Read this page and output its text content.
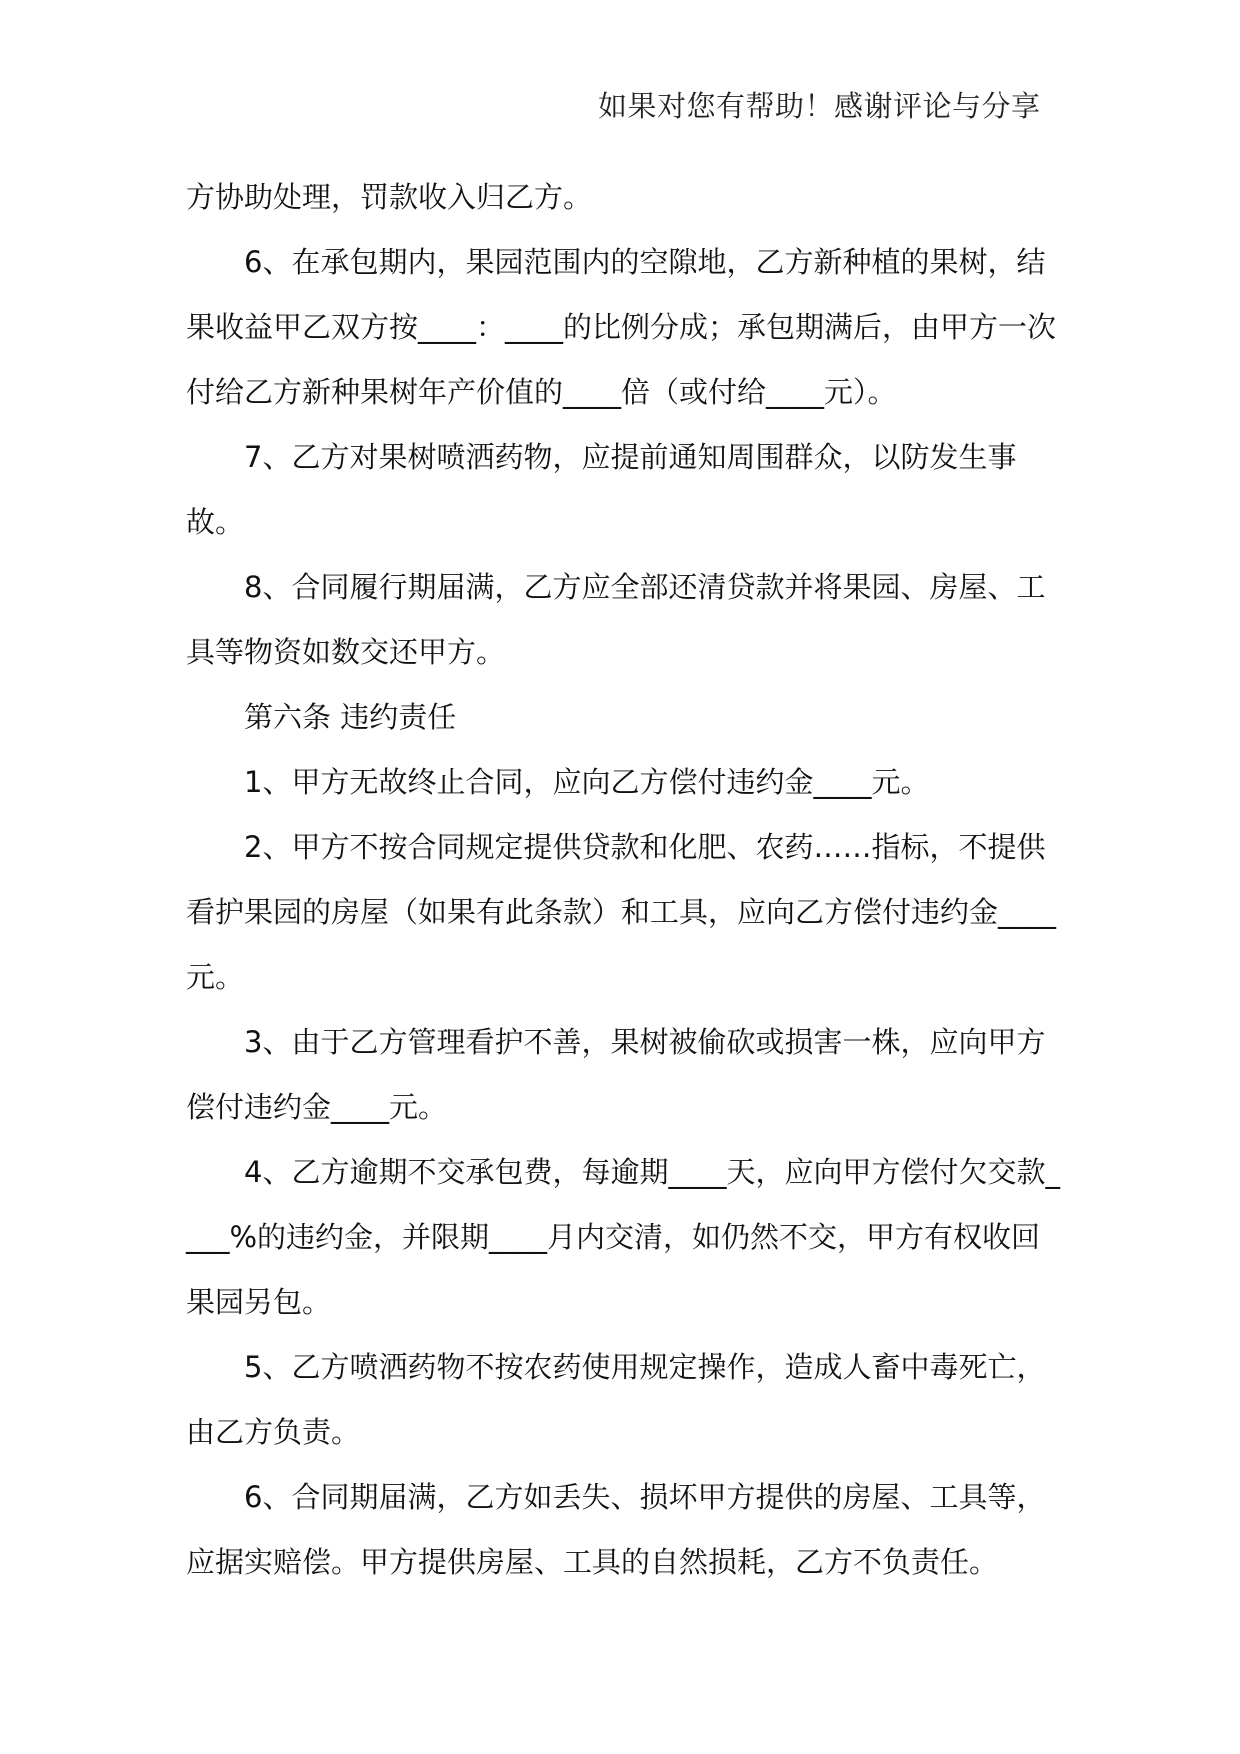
如果对您有帮助！感谢评论与分享

方协助处理，罚款收入归乙方。

6、在承包期内，果园范围内的空隙地，乙方新种植的果树，结果收益甲乙双方按____：____的比例分成；承包期满后，由甲方一次付给乙方新种果树年产价值的____倍（或付给____元）。

7、乙方对果树喷洒药物，应提前通知周围群众，以防发生事故。

8、合同履行期届满，乙方应全部还清贷款并将果园、房屋、工具等物资如数交还甲方。

第六条 违约责任

1、甲方无故终止合同，应向乙方偿付违约金____元。

2、甲方不按合同规定提供贷款和化肥、农药……指标，不提供看护果园的房屋（如果有此条款）和工具，应向乙方偿付违约金____元。

3、由于乙方管理看护不善，果树被偷砍或损害一株，应向甲方偿付违约金____元。

4、乙方逾期不交承包费，每逾期____天，应向甲方偿付欠交款____%的违约金，并限期____月内交清，如仍然不交，甲方有权收回果园另包。

5、乙方喷洒药物不按农药使用规定操作，造成人畜中毒死亡，由乙方负责。

6、合同期届满，乙方如丢失、损坏甲方提供的房屋、工具等，应据实赔偿。甲方提供房屋、工具的自然损耗，乙方不负责任。
